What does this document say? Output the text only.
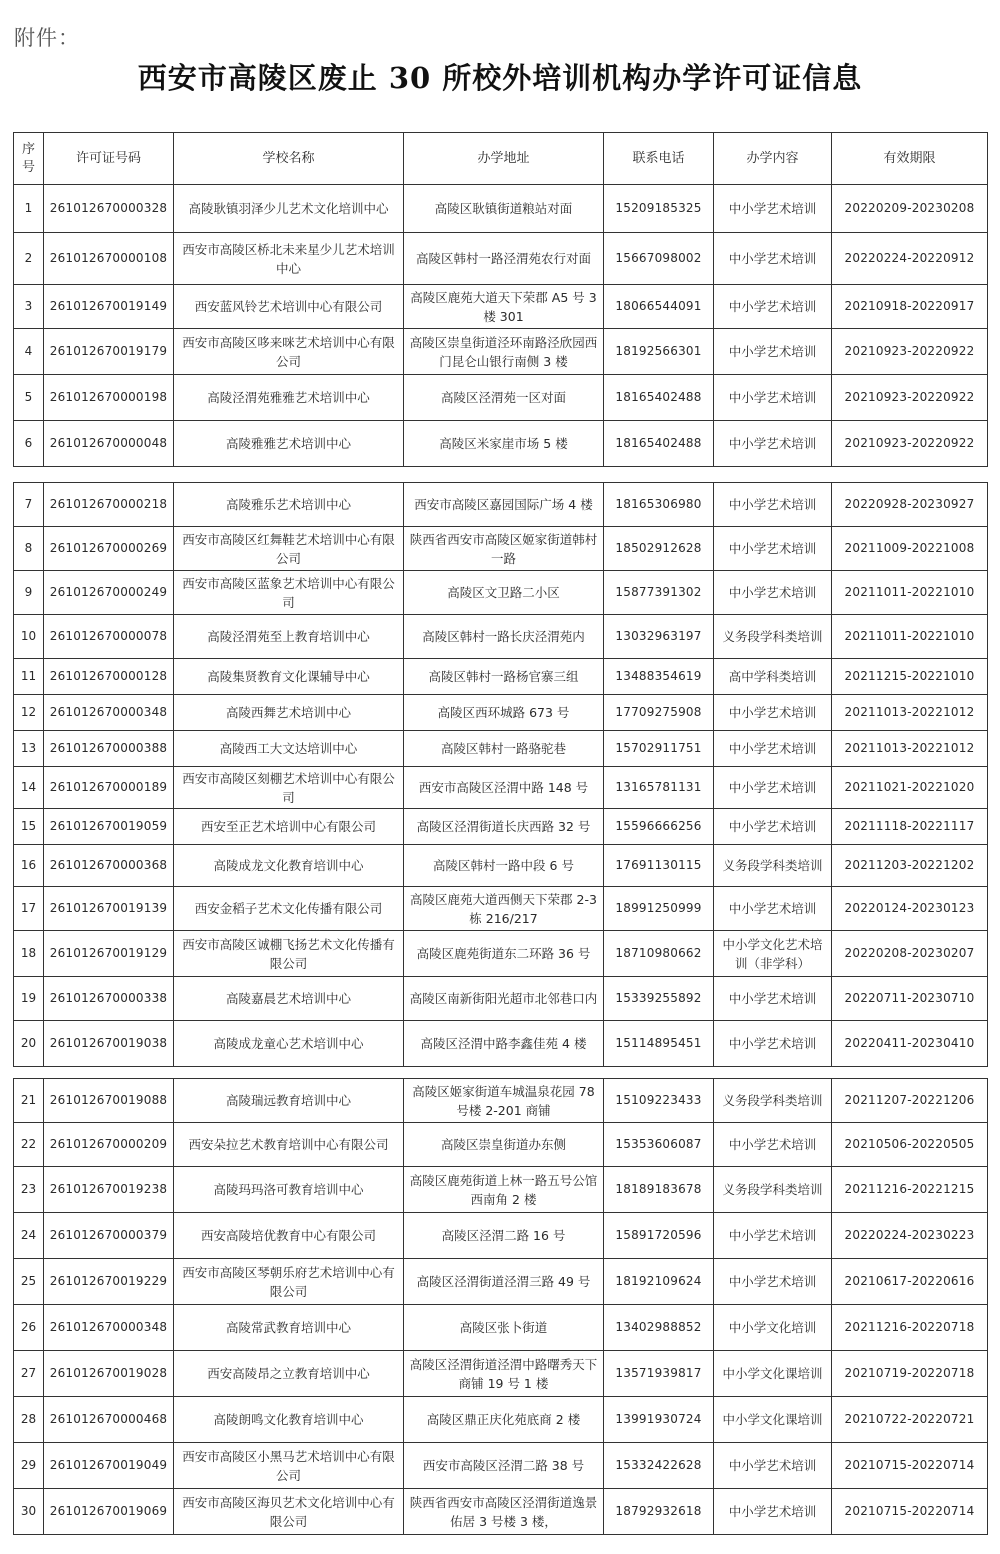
附件：
西安市高陵区废止 30 所校外培训机构办学许可证信息
序号	许可证号码	学校名称	办学地址	联系电话	办学内容	有效期限
1	261012670000328	高陵耿镇羽泽少儿艺术文化培训中心	高陵区耿镇街道粮站对面	15209185325	中小学艺术培训	20220209-20230208
2	261012670000108	西安市高陵区桥北未来星少儿艺术培训中心	高陵区韩村一路泾渭苑农行对面	15667098002	中小学艺术培训	20220224-20220912
3	261012670019149	西安蓝风铃艺术培训中心有限公司	高陵区鹿苑大道天下荣郡 A5 号 3 楼 301	18066544091	中小学艺术培训	20210918-20220917
4	261012670019179	西安市高陵区哆来咪艺术培训中心有限公司	高陵区崇皇街道泾环南路泾欣园西门昆仑山银行南侧 3 楼	18192566301	中小学艺术培训	20210923-20220922
5	261012670000198	高陵泾渭苑雅雅艺术培训中心	高陵区泾渭苑一区对面	18165402488	中小学艺术培训	20210923-20220922
6	261012670000048	高陵雅雅艺术培训中心	高陵区米家崖市场 5 楼	18165402488	中小学艺术培训	20210923-20220922
7	261012670000218	高陵雅乐艺术培训中心	西安市高陵区嘉园国际广场 4 楼	18165306980	中小学艺术培训	20220928-20230927
8	261012670000269	西安市高陵区红舞鞋艺术培训中心有限公司	陕西省西安市高陵区姬家街道韩村一路	18502912628	中小学艺术培训	20211009-20221008
9	261012670000249	西安市高陵区蓝象艺术培训中心有限公司	高陵区文卫路二小区	15877391302	中小学艺术培训	20211011-20221010
10	261012670000078	高陵泾渭苑至上教育培训中心	高陵区韩村一路长庆泾渭苑内	13032963197	义务段学科类培训	20211011-20221010
11	261012670000128	高陵集贤教育文化课辅导中心	高陵区韩村一路杨官寨三组	13488354619	高中学科类培训	20211215-20221010
12	261012670000348	高陵西舞艺术培训中心	高陵区西环城路 673 号	17709275908	中小学艺术培训	20211013-20221012
13	261012670000388	高陵西工大文达培训中心	高陵区韩村一路骆驼巷	15702911751	中小学艺术培训	20211013-20221012
14	261012670000189	西安市高陵区刻棚艺术培训中心有限公司	西安市高陵区泾渭中路 148 号	13165781131	中小学艺术培训	20211021-20221020
15	261012670019059	西安至正艺术培训中心有限公司	高陵区泾渭街道长庆西路 32 号	15596666256	中小学艺术培训	20211118-20221117
16	261012670000368	高陵成龙文化教育培训中心	高陵区韩村一路中段 6 号	17691130115	义务段学科类培训	20211203-20221202
17	261012670019139	西安金稻子艺术文化传播有限公司	高陵区鹿苑大道西侧天下荣郡 2-3 栋 216/217	18991250999	中小学艺术培训	20220124-20230123
18	261012670019129	西安市高陵区诚棚飞扬艺术文化传播有限公司	高陵区鹿苑街道东二环路 36 号	18710980662	中小学文化艺术培训（非学科）	20220208-20230207
19	261012670000338	高陵嘉晨艺术培训中心	高陵区南新街阳光超市北邻巷口内	15339255892	中小学艺术培训	20220711-20230710
20	261012670019038	高陵成龙童心艺术培训中心	高陵区泾渭中路李鑫佳苑 4 楼	15114895451	中小学艺术培训	20220411-20230410
21	261012670019088	高陵瑞远教育培训中心	高陵区姬家街道车城温泉花园 78 号楼 2-201 商铺	15109223433	义务段学科类培训	20211207-20221206
22	261012670000209	西安朵拉艺术教育培训中心有限公司	高陵区崇皇街道办东侧	15353606087	中小学艺术培训	20210506-20220505
23	261012670019238	高陵玛玛洛可教育培训中心	高陵区鹿苑街道上林一路五号公馆西南角 2 楼	18189183678	义务段学科类培训	20211216-20221215
24	261012670000379	西安高陵培优教育中心有限公司	高陵区泾渭二路 16 号	15891720596	中小学艺术培训	20220224-20230223
25	261012670019229	西安市高陵区琴朝乐府艺术培训中心有限公司	高陵区泾渭街道泾渭三路 49 号	18192109624	中小学艺术培训	20210617-20220616
26	261012670000348	高陵常武教育培训中心	高陵区张卜街道	13402988852	中小学文化培训	20211216-20220718
27	261012670019028	西安高陵昂之立教育培训中心	高陵区泾渭街道泾渭中路曙秀天下商铺 19 号 1 楼	13571939817	中小学文化课培训	20210719-20220718
28	261012670000468	高陵朗鸣文化教育培训中心	高陵区鼎正庆化苑底商 2 楼	13991930724	中小学文化课培训	20210722-20220721
29	261012670019049	西安市高陵区小黑马艺术培训中心有限公司	西安市高陵区泾渭二路 38 号	15332422628	中小学艺术培训	20210715-20220714
30	261012670019069	西安市高陵区海贝艺术文化培训中心有限公司	陕西省西安市高陵区泾渭街道逸景佑居 3 号楼 3 楼，	18792932618	中小学艺术培训	20210715-20220714
